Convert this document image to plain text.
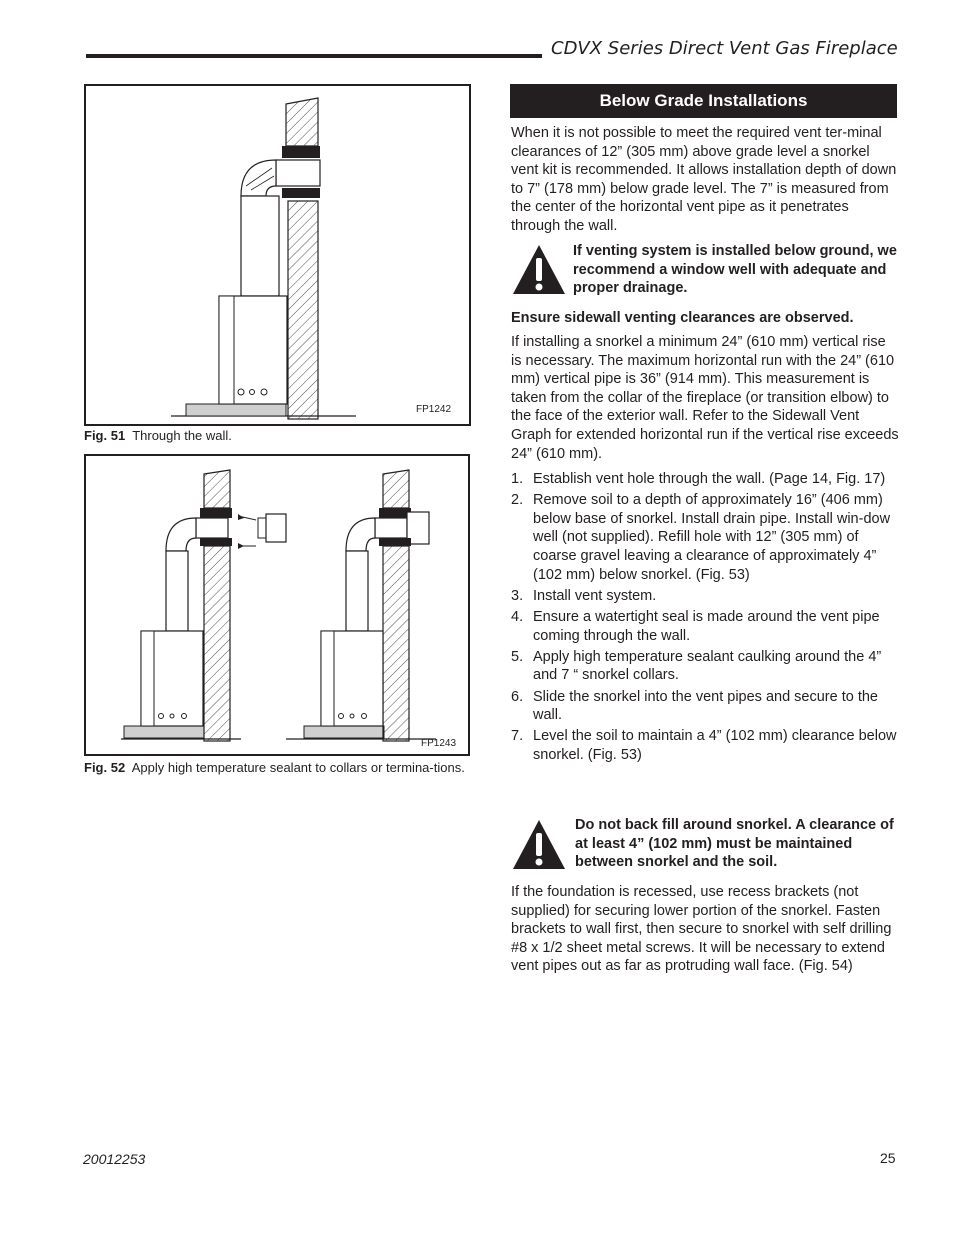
CDVX Series Direct Vent Gas Fireplace
FP1242
Fig. 51 Through the wall.
FP1243
Fig. 52 Apply high temperature sealant to collars or termina-tions.
Below Grade Installations
When it is not possible to meet the required vent ter-minal clearances of 12” (305 mm) above grade level a snorkel vent kit is recommended. It allows installation depth of down to 7” (178 mm) below grade level. The 7” is measured from the center of the horizontal vent pipe as it penetrates through the wall.
If venting system is installed below ground, we recommend a window well with adequate and proper drainage.
Ensure sidewall venting clearances are observed.
If installing a snorkel a minimum 24” (610 mm) vertical rise is necessary. The maximum horizontal run with the 24” (610 mm) vertical pipe is 36” (914 mm). This measurement is taken from the collar of the fireplace (or transition elbow) to the face of the exterior wall. Refer to the Sidewall Vent Graph for extended horizontal run if the vertical rise exceeds 24” (610 mm).
1. Establish vent hole through the wall. (Page 14, Fig. 17)
2. Remove soil to a depth of approximately 16” (406 mm) below base of snorkel. Install drain pipe. Install win-dow well (not supplied). Refill hole with 12” (305 mm) of coarse gravel leaving a clearance of approximately 4” (102 mm) below snorkel. (Fig. 53)
3. Install vent system.
4. Ensure a watertight seal is made around the vent pipe coming through the wall.
5. Apply high temperature sealant caulking around the 4” and 7 “ snorkel collars.
6. Slide the snorkel into the vent pipes and secure to the wall.
7. Level the soil to maintain a 4” (102 mm) clearance below snorkel. (Fig. 53)
Do not back fill around snorkel. A clearance of at least 4” (102 mm) must be maintained between snorkel and the soil.
If the foundation is recessed, use recess brackets (not supplied) for securing lower portion of the snorkel. Fasten brackets to wall first, then secure to snorkel with self drilling #8 x 1/2 sheet metal screws. It will be necessary to extend vent pipes out as far as protruding wall face. (Fig. 54)
20012253	25
